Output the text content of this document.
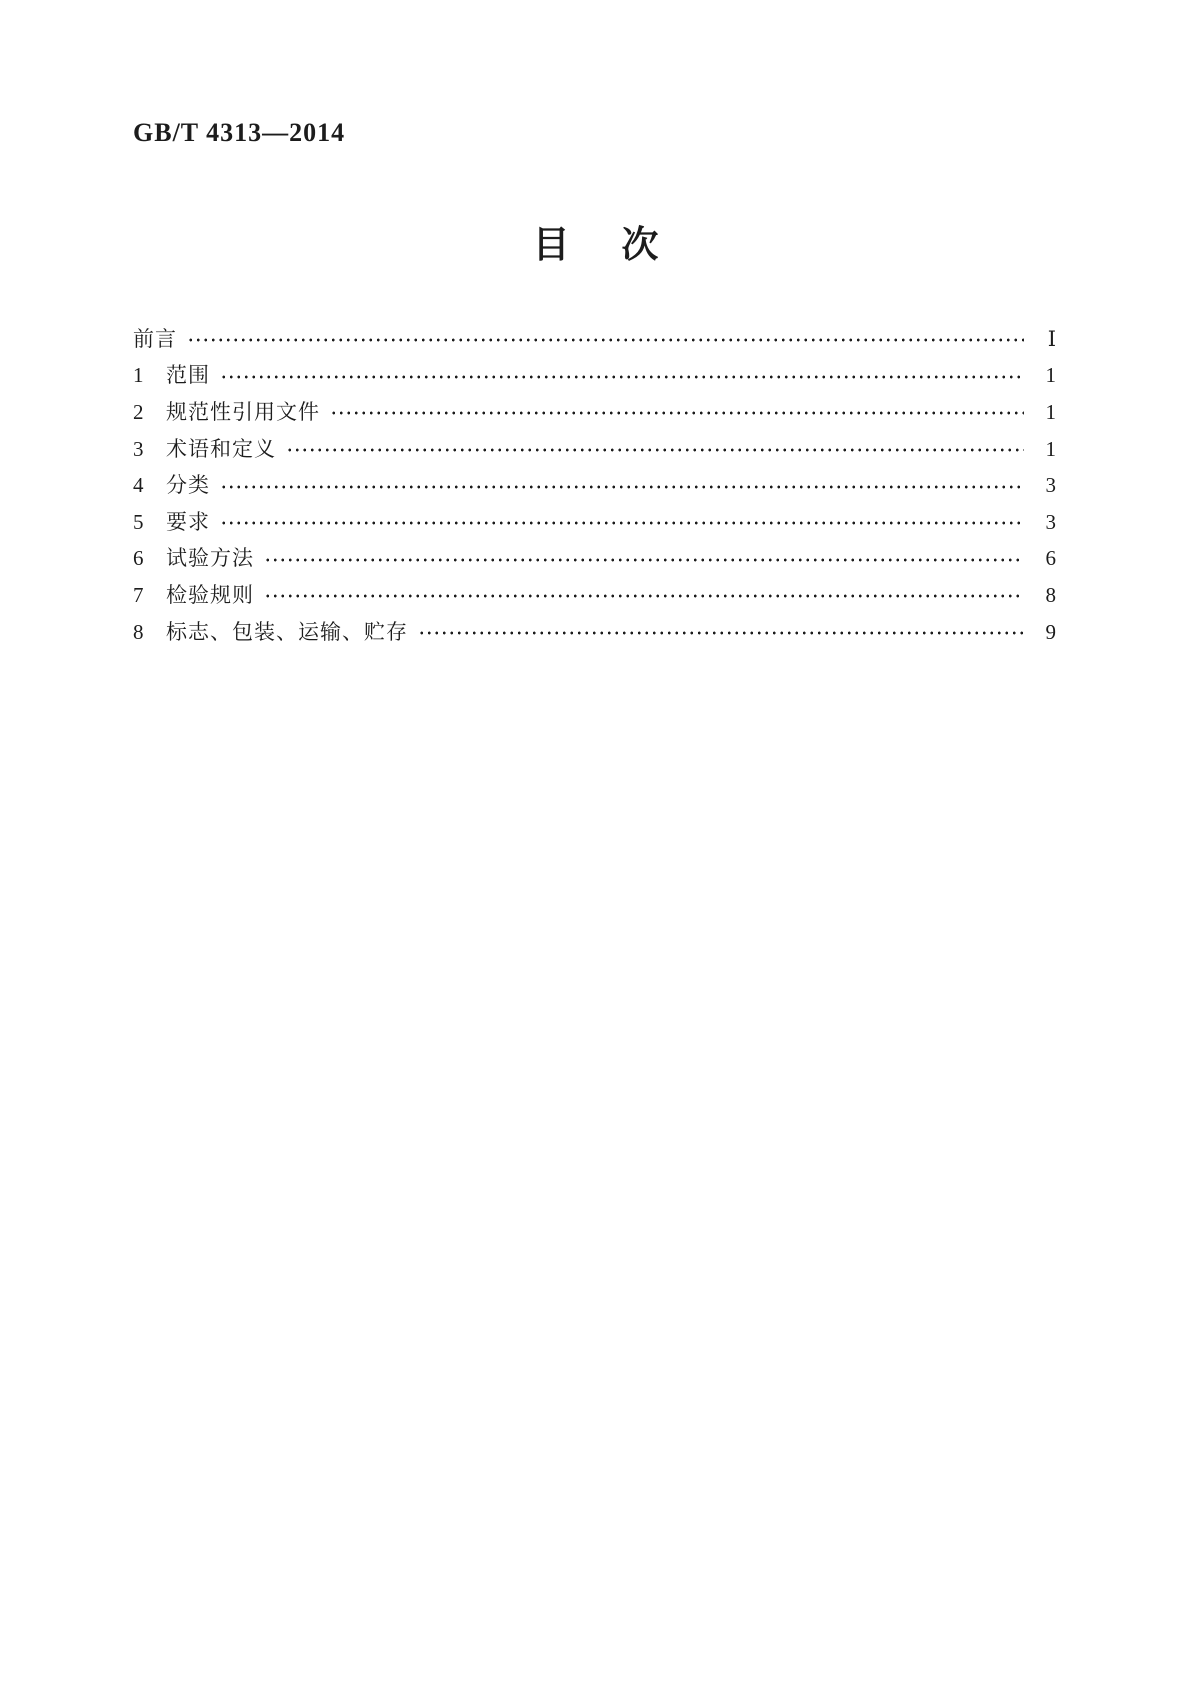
GB/T 4313—2014
目次
前言	Ⅰ
1	范围	1
2	规范性引用文件	1
3	术语和定义	1
4	分类	3
5	要求	3
6	试验方法	6
7	检验规则	8
8	标志、包装、运输、贮存	9
